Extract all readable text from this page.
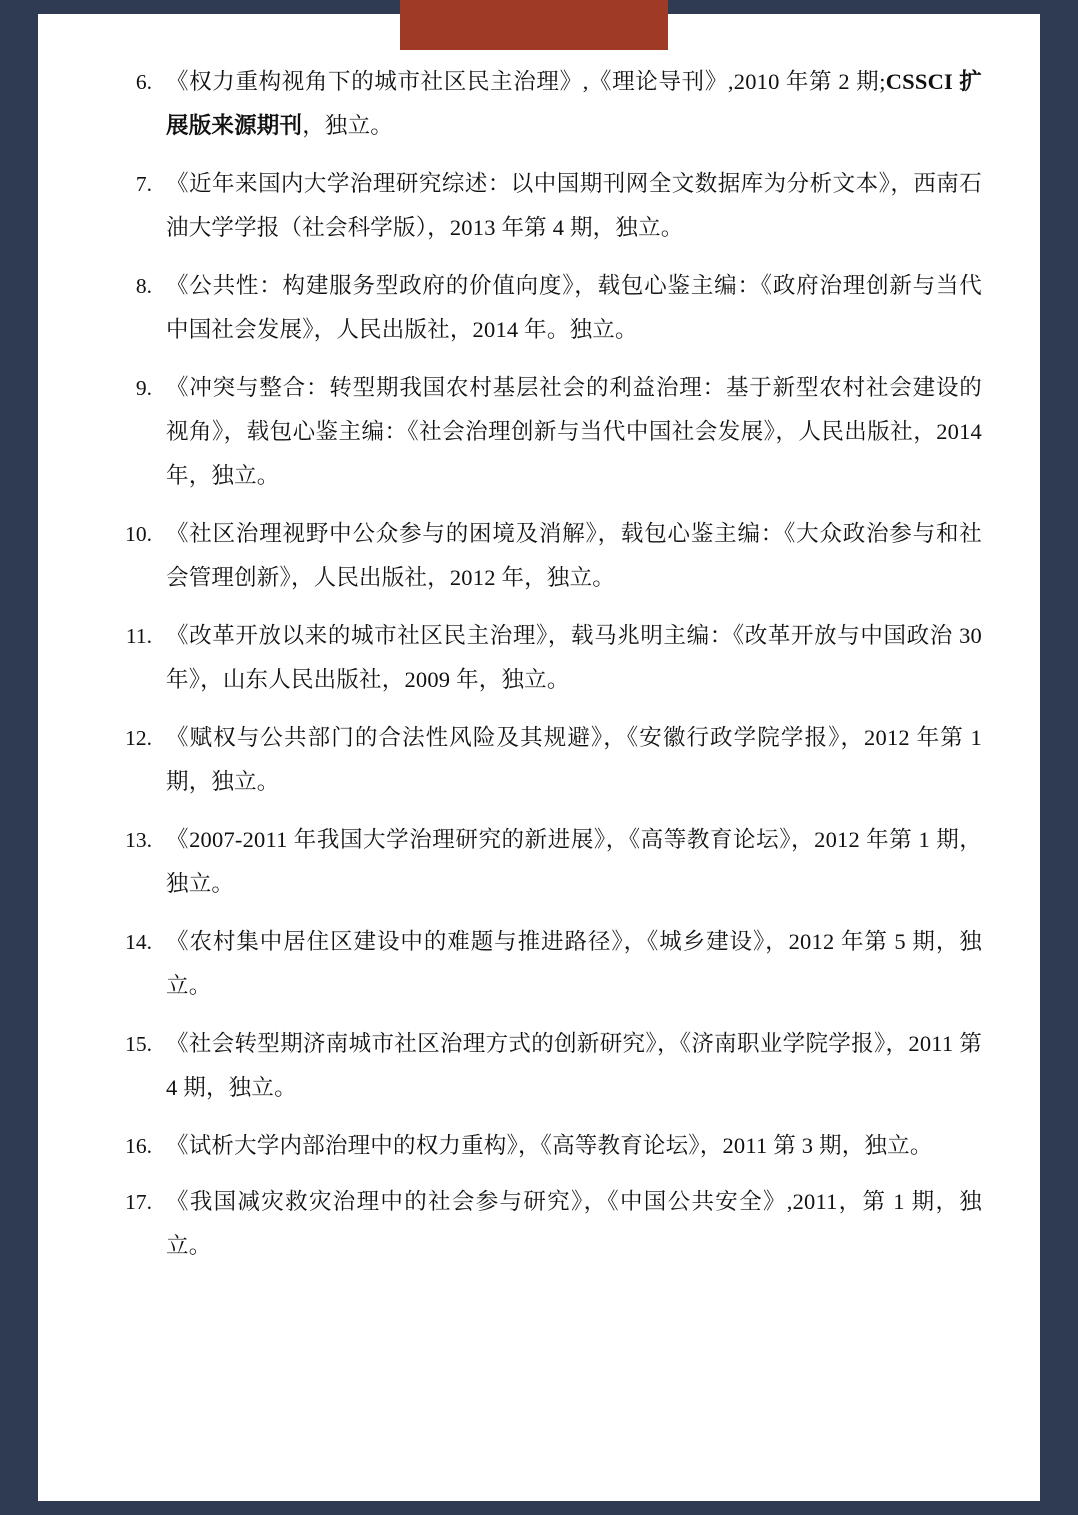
6. 《权力重构视角下的城市社区民主治理》,《理论导刊》,2010 年第 2 期;CSSCI 扩展版来源期刊，独立。
7. 《近年来国内大学治理研究综述：以中国期刊网全文数据库为分析文本》，西南石油大学学报（社会科学版），2013 年第 4 期，独立。
8. 《公共性：构建服务型政府的价值向度》，载包心鉴主编：《政府治理创新与当代中国社会发展》，人民出版社，2014 年。独立。
9. 《冲突与整合：转型期我国农村基层社会的利益治理：基于新型农村社会建设的视角》，载包心鉴主编：《社会治理创新与当代中国社会发展》，人民出版社，2014 年，独立。
10. 《社区治理视野中公众参与的困境及消解》，载包心鉴主编：《大众政治参与和社会管理创新》，人民出版社，2012 年，独立。
11. 《改革开放以来的城市社区民主治理》，载马兆明主编：《改革开放与中国政治 30 年》，山东人民出版社，2009 年，独立。
12. 《赋权与公共部门的合法性风险及其规避》，《安徽行政学院学报》，2012 年第 1 期，独立。
13. 《2007-2011 年我国大学治理研究的新进展》，《高等教育论坛》，2012 年第 1 期，独立。
14. 《农村集中居住区建设中的难题与推进路径》，《城乡建设》，2012 年第 5 期，独立。
15. 《社会转型期济南城市社区治理方式的创新研究》，《济南职业学院学报》，2011 第 4 期，独立。
16. 《试析大学内部治理中的权力重构》，《高等教育论坛》，2011 第 3 期，独立。
17. 《我国减灾救灾治理中的社会参与研究》，《中国公共安全》,2011，第 1 期，独立。
